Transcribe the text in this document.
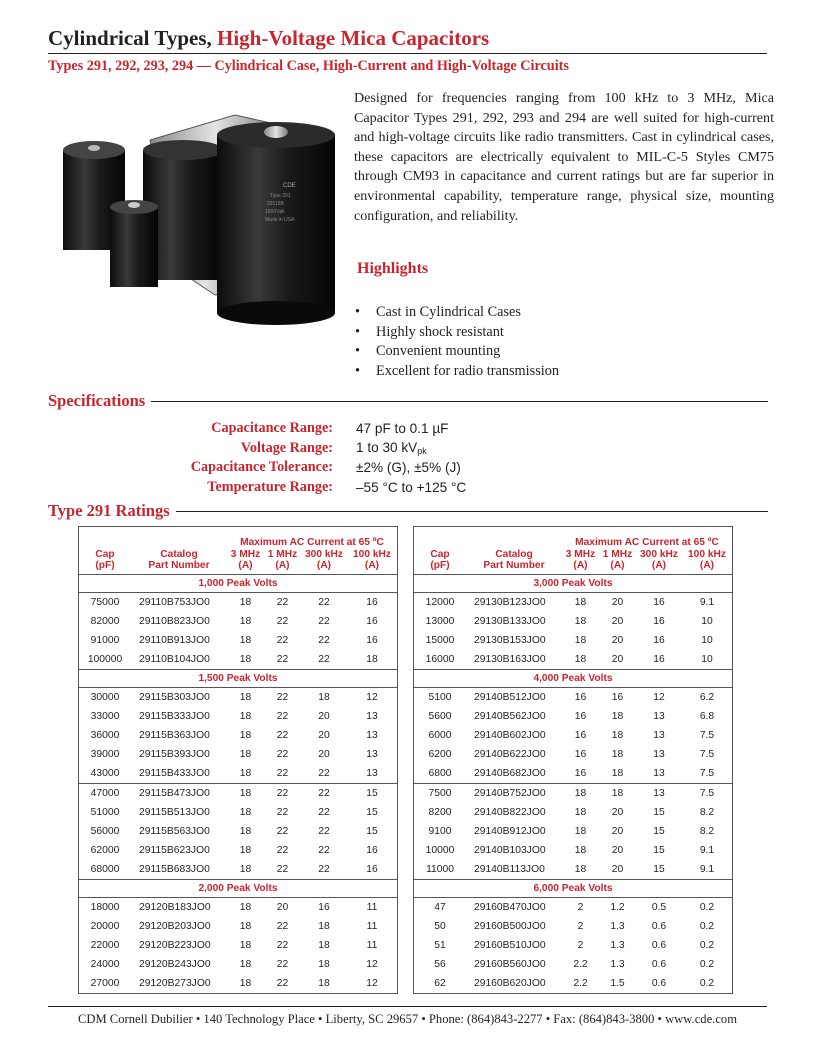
Cylindrical Types, High-Voltage Mica Capacitors
Types 291, 292, 293, 294 — Cylindrical Case, High-Current and High-Voltage Circuits
CDE
Type 291
29115B
1500Vpk
Made in USA
Designed for frequencies ranging from 100 kHz to 3 MHz, Mica Capacitor Types 291, 292, 293 and 294 are well suited for high-current and high-voltage circuits like radio transmitters. Cast in cylindrical cases, these capacitors are electrically equivalent to MIL-C-5 Styles CM75 through CM93 in capacitance and current ratings but are far superior in environmental capability, temperature range, physical size, mounting configuration, and reliability.
Highlights
• Cast in Cylindrical Cases
• Highly shock resistant
• Convenient mounting
• Excellent for radio transmission
Specifications
Capacitance Range: 47 pF to 0.1 µF
Voltage Range: 1 to 30 $kV_{pk}$
Capacitance Tolerance: ±2% (G), ±5% (J)
Temperature Range: –55 °C to +125 °C
Type 291 Ratings
		Maximum AC Current at 65 ºC			
Cap	Catalog	3 MHz	1 MHz	300 kHz	100 kHz
(pF)	Part Number	(A)	(A)	(A)	(A)
1,000 Peak Volts					
75000	29110B753JO0	18	22	22	16
82000	29110B823JO0	18	22	22	16
91000	29110B913JO0	18	22	22	16
100000	29110B104JO0	18	22	22	18
1,500 Peak Volts					
30000	29115B303JO0	18	22	18	12
33000	29115B333JO0	18	22	20	13
36000	29115B363JO0	18	22	20	13
39000	29115B393JO0	18	22	20	13
43000	29115B433JO0	18	22	22	13
47000	29115B473JO0	18	22	22	15
51000	29115B513JO0	18	22	22	15
56000	29115B563JO0	18	22	22	15
62000	29115B623JO0	18	22	22	16
68000	29115B683JO0	18	22	22	16
2,000 Peak Volts					
18000	29120B183JO0	18	20	16	11
20000	29120B203JO0	18	22	18	11
22000	29120B223JO0	18	22	18	11
24000	29120B243JO0	18	22	18	12
27000	29120B273JO0	18	22	18	12
		Maximum AC Current at 65 ºC			
Cap	Catalog	3 MHz	1 MHz	300 kHz	100 kHz
(pF)	Part Number	(A)	(A)	(A)	(A)
3,000 Peak Volts					
12000	29130B123JO0	18	20	16	9.1
13000	29130B133JO0	18	20	16	10
15000	29130B153JO0	18	20	16	10
16000	29130B163JO0	18	20	16	10
4,000 Peak Volts					
5100	29140B512JO0	16	16	12	6.2
5600	29140B562JO0	16	18	13	6.8
6000	29140B602JO0	16	18	13	7.5
6200	29140B622JO0	16	18	13	7.5
6800	29140B682JO0	16	18	13	7.5
7500	29140B752JO0	18	18	13	7.5
8200	29140B822JO0	18	20	15	8.2
9100	29140B912JO0	18	20	15	8.2
10000	29140B103JO0	18	20	15	9.1
11000	29140B113JO0	18	20	15	9.1
6,000 Peak Volts					
47	29160B470JO0	2	1.2	0.5	0.2
50	29160B500JO0	2	1.3	0.6	0.2
51	29160B510JO0	2	1.3	0.6	0.2
56	29160B560JO0	2.2	1.3	0.6	0.2
62	29160B620JO0	2.2	1.5	0.6	0.2
CDM Cornell Dubilier • 140 Technology Place • Liberty, SC 29657 • Phone: (864)843-2277 • Fax: (864)843-3800 • www.cde.com
